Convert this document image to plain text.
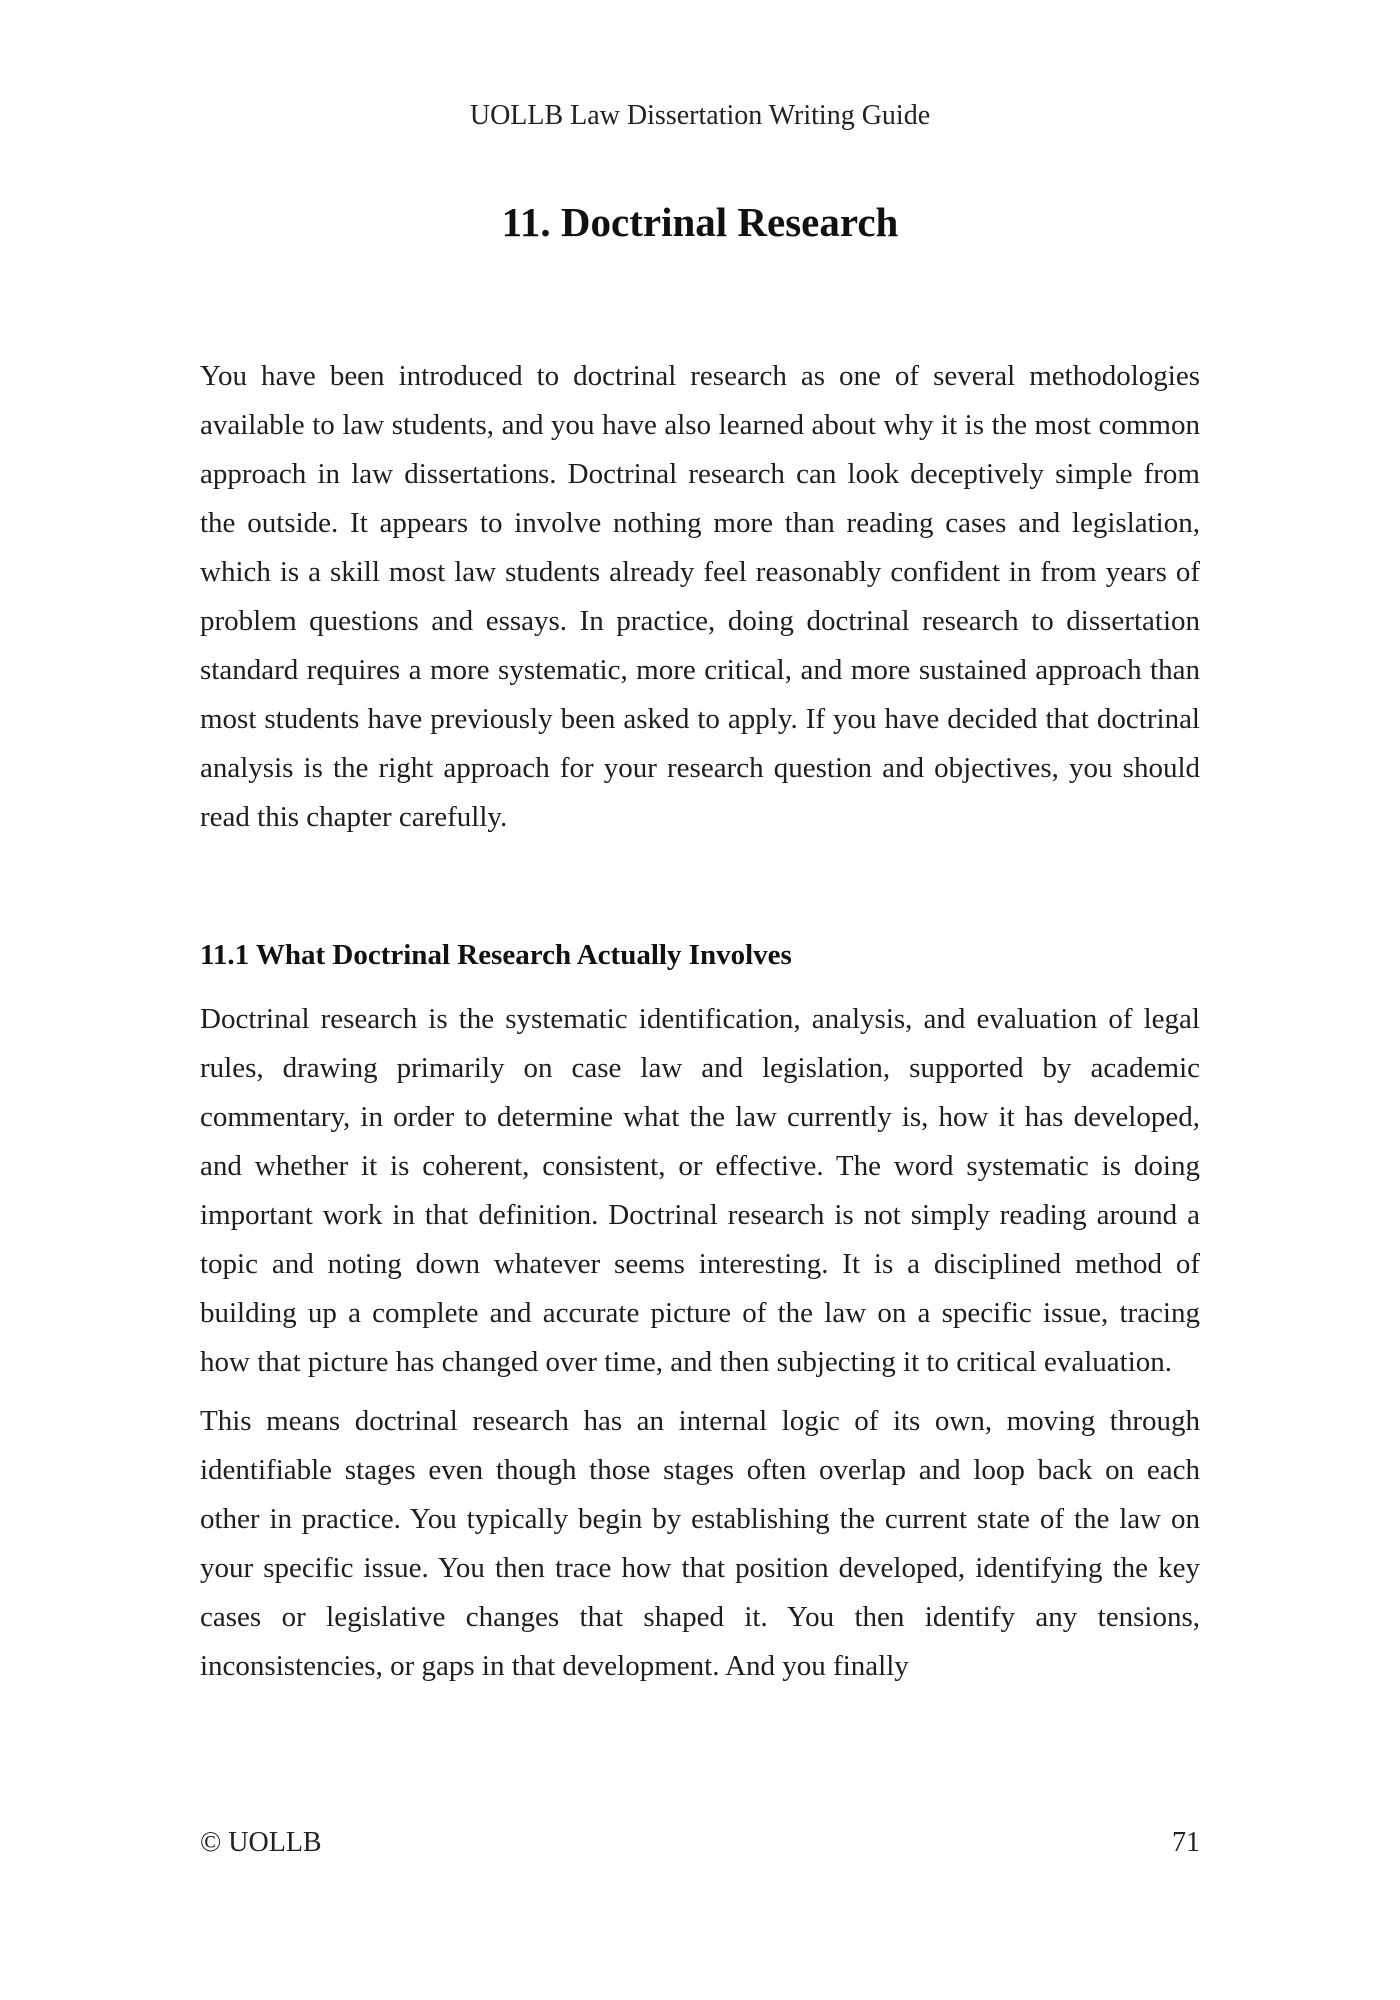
UOLLB Law Dissertation Writing Guide
11. Doctrinal Research

You have been introduced to doctrinal research as one of several methodologies available to law students, and you have also learned about why it is the most common approach in law dissertations. Doctrinal research can look deceptively simple from the outside. It appears to involve nothing more than reading cases and legislation, which is a skill most law students already feel reasonably confident in from years of problem questions and essays. In practice, doing doctrinal research to dissertation standard requires a more systematic, more critical, and more sustained approach than most students have previously been asked to apply. If you have decided that doctrinal analysis is the right approach for your research question and objectives, you should read this chapter carefully.

11.1 What Doctrinal Research Actually Involves

Doctrinal research is the systematic identification, analysis, and evaluation of legal rules, drawing primarily on case law and legislation, supported by academic commentary, in order to determine what the law currently is, how it has developed, and whether it is coherent, consistent, or effective. The word systematic is doing important work in that definition. Doctrinal research is not simply reading around a topic and noting down whatever seems interesting. It is a disciplined method of building up a complete and accurate picture of the law on a specific issue, tracing how that picture has changed over time, and then subjecting it to critical evaluation.

This means doctrinal research has an internal logic of its own, moving through identifiable stages even though those stages often overlap and loop back on each other in practice. You typically begin by establishing the current state of the law on your specific issue. You then trace how that position developed, identifying the key cases or legislative changes that shaped it. You then identify any tensions, inconsistencies, or gaps in that development. And you finally

© UOLLB	71
